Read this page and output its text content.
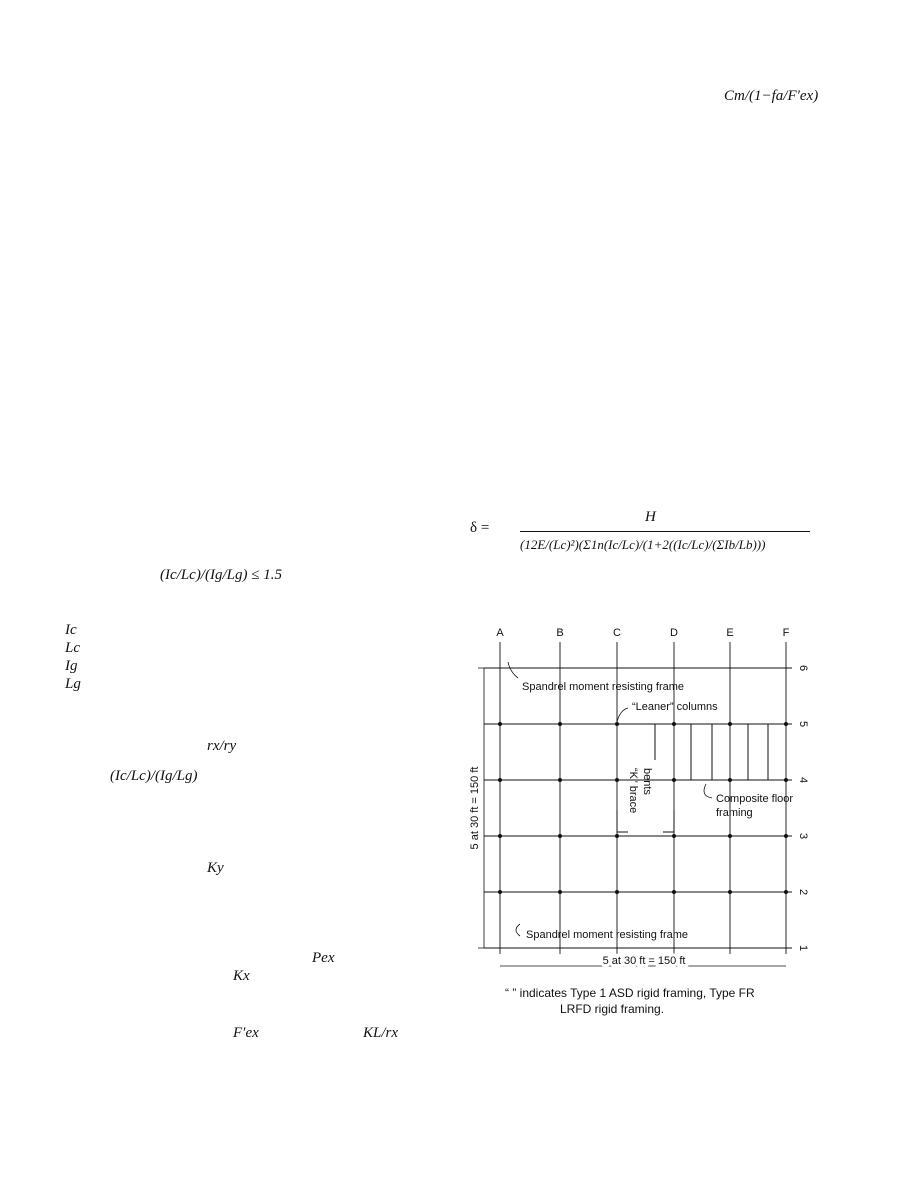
Cm/(1−fa/F′ex)
δ =
H
(12E/(Lc)²)(Σ1n(Ic/Lc)/(1+2((Ic/Lc)/(ΣIb/Lb)))
(Ic/Lc)/(Ig/Lg) ≤ 1.5
Ic
Lc
Ig
Lg
rx/ry
(Ic/Lc)/(Ig/Lg)
Ky
Pex
Kx
F′ex	KL/rx
A	B	C	D	E	F
6
5
4
3
2
1
Spandrel moment resisting frame
“Leaner” columns
“K” brace bents
Composite floor
framing
Spandrel moment resisting frame
5 at 30 ft = 150 ft
5 at 30 ft = 150 ft
“ ” indicates Type 1 ASD rigid framing, Type FR
LRFD rigid framing.
